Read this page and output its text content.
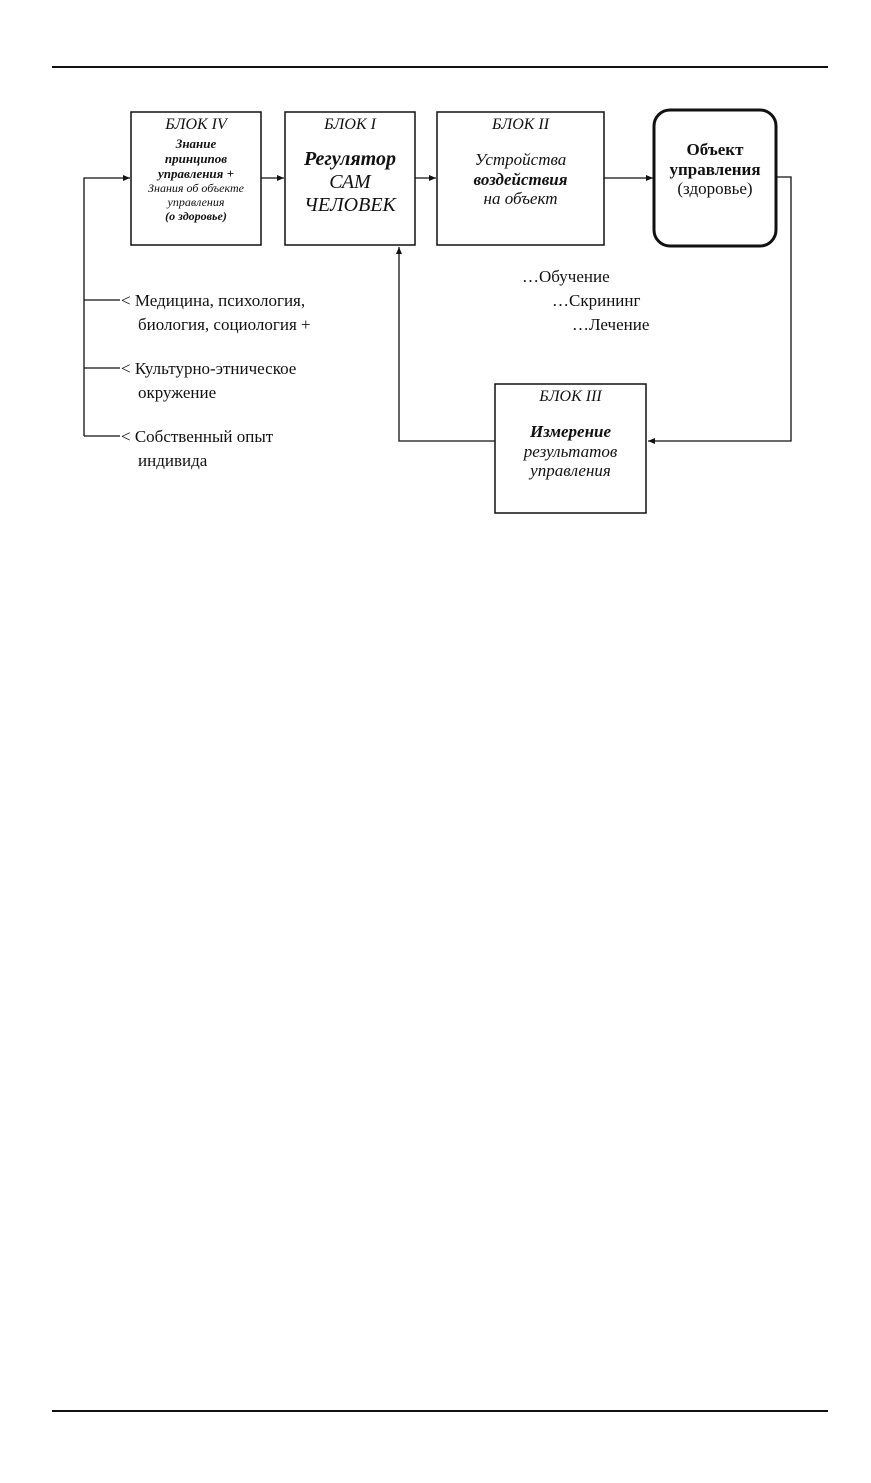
БЛОК IV
Знание
принципов
управления +
Знания об объекте
управления
(о здоровье)
БЛОК I
Регулятор
САМ
ЧЕЛОВЕК
БЛОК II
Устройства
воздействия
на объект
Объект
управления
(здоровье)
БЛОК III
Измерение
результатов
управления
…Обучение
…Скрининг
…Лечение
< Медицина, психология,
биология, социология +
< Культурно-этническое
окружение
< Собственный опыт
индивида
